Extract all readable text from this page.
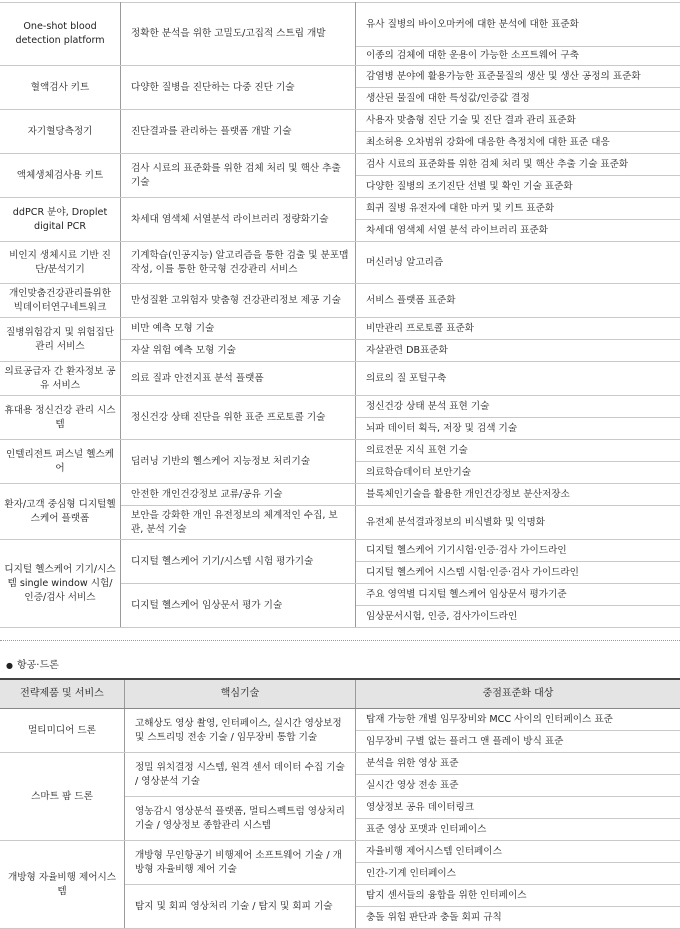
One-shot blood detection platform	정확한 분석을 위한 고밀도/고집적 스트립 개발	유사 질병의 바이오마커에 대한 분석에 대한 표준화
		이종의 검체에 대한 운용이 가능한 소프트웨어 구축
혈액검사 키트	다양한 질병을 진단하는 다중 진단 기술	감염병 분야에 활용가능한 표준물질의 생산 및 생산 공정의 표준화
		생산된 물질에 대한 특성값/인증값 결정
자기혈당측정기	진단결과를 관리하는 플랫폼 개발 기술	사용자 맞춤형 진단 기술 및 진단 결과 관리 표준화
		최소허용 오차범위 강화에 대응한 측정치에 대한 표준 대응
액체생체검사용 키트	검사 시료의 표준화를 위한 검체 처리 및 핵산 추출 기술	검사 시료의 표준화를 위한 검체 처리 및 핵산 추출 기술 표준화
		다양한 질병의 조기진단 선별 및 확인 기술 표준화
ddPCR 분야, Droplet digital PCR	차세대 염색체 서열분석 라이브러리 정량화기술	희귀 질병 유전자에 대한 마커 및 키트 표준화
		차세대 염색체 서열 분석 라이브러리 표준화
비인지 생체시료 기반 진단/분석기기	기계학습(인공지능) 알고리즘을 통한 검출 및 분포맵 작성, 이를 통한 한국형 건강관리 서비스	머신러닝 알고리즘
개인맞춤건강관리를위한 빅데이터연구네트워크	만성질환 고위험자 맞춤형 건강관리정보 제공 기술	서비스 플랫폼 표준화
질병위험감지 및 위험집단 관리 서비스	비만 예측 모형 기술	비만관리 프로토콜 표준화
	자살 위험 예측 모형 기술	자살관련 DB표준화
의료공급자 간 환자정보 공유 서비스	의료 질과 안전지표 분석 플랫폼	의료의 질 포털구축
휴대용 정신건강 관리 시스템	정신건강 상태 진단을 위한 표준 프로토콜 기술	정신건강 상태 분석 표현 기술
		뇌파 데이터 획득, 저장 및 검색 기술
인텔리전트 퍼스널 헬스케어	딥러닝 기반의 헬스케어 지능정보 처리기술	의료전문 지식 표현 기술
		의료학습데이터 보안기술
환자/고객 중심형 디지털헬스케어 플랫폼	안전한 개인건강정보 교류/공유 기술	블록체인기술을 활용한 개인건강정보 분산저장소
	보안을 강화한 개인 유전정보의 체계적인 수집, 보관, 분석 기술	유전체 분석결과정보의 비식별화 및 익명화
디지털 헬스케어 기기/시스템 single window 시험/인증/검사 서비스	디지털 헬스케어 기기/시스템 시험 평가기술	디지털 헬스케어 기기시험·인증·검사 가이드라인
		디지털 헬스케어 시스템 시험·인증·검사 가이드라인
	디지털 헬스케어 임상문서 평가 기술	주요 영역별 디지털 헬스케어 임상문서 평가기준
		임상문서시험, 인증, 검사가이드라인
● 항공·드론
전략제품 및 서비스	핵심기술	중점표준화 대상
멀티미디어 드론	고해상도 영상 촬영, 인터페이스, 실시간 영상보정 및 스트리밍 전송 기술 / 임무장비 통합 기술	탑재 가능한 개별 임무장비와 MCC 사이의 인터페이스 표준
		임무장비 구별 없는 플러그 앤 플레이 방식 표준
스마트 팜 드론	정밀 위치결정 시스템, 원격 센서 데이터 수집 기술 / 영상분석 기술	분석을 위한 영상 표준
		실시간 영상 전송 표준
	영농감시 영상분석 플랫폼, 멀티스펙트럼 영상처리 기술 / 영상정보 종합관리 시스템	영상정보 공유 데이터링크
		표준 영상 포맷과 인터페이스
개방형 자율비행 제어시스템	개방형 무인항공기 비행제어 소프트웨어 기술 / 개방형 자율비행 제어 기술	자율비행 제어시스템 인터페이스
		인간-기계 인터페이스
	탐지 및 회피 영상처리 기술 / 탐지 및 회피 기술	탐지 센서들의 융합을 위한 인터페이스
		충돌 위험 판단과 충돌 회피 규칙
